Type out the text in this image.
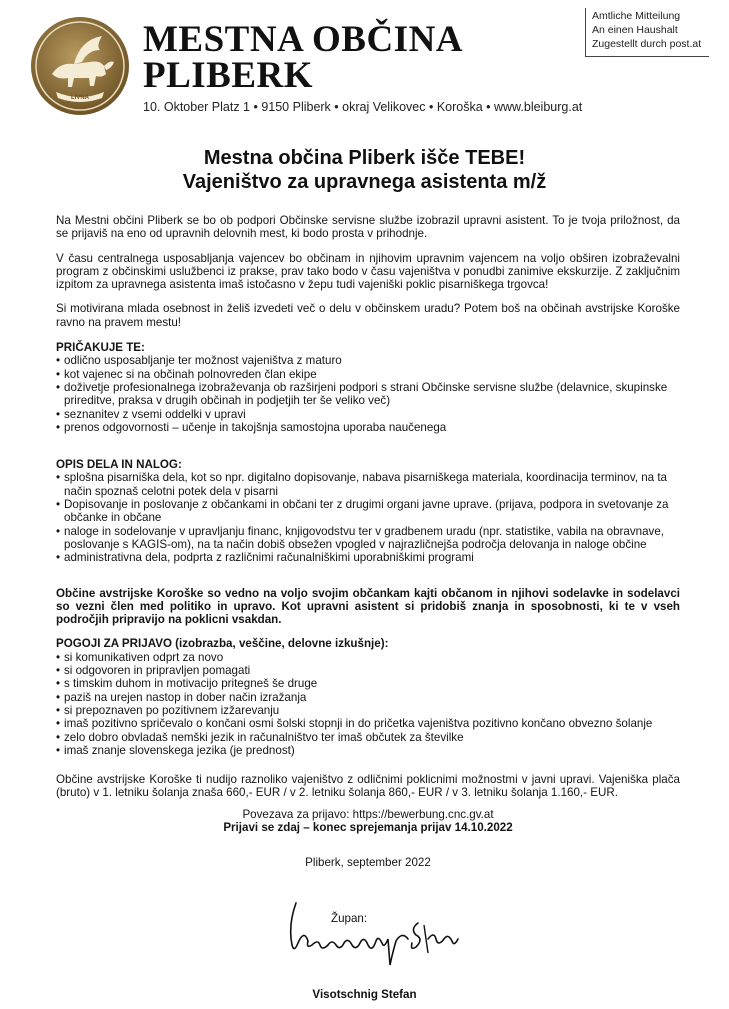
LIVNA
MESTNA OBČINA
PLIBERK
10. Oktober Platz 1 • 9150 Pliberk • okraj Velikovec • Koroška • www.bleiburg.at
Amtliche Mitteilung
An einen Haushalt
Zugestellt durch post.at
Mestna občina Pliberk išče TEBE!
Vajeništvo za upravnega asistenta m/ž

Na Mestni občini Pliberk se bo ob podpori Občinske servisne službe izobrazil upravni asistent. To je tvoja priložnost, da se prijaviš na eno od upravnih delovnih mest, ki bodo prosta v prihodnje.

V času centralnega usposabljanja vajencev bo občinam in njihovim upravnim vajencem na voljo obširen izobraževalni program z občinskimi uslužbenci iz prakse, prav tako bodo v času vajeništva v ponudbi zanimive ekskurzije. Z zaključnim izpitom za upravnega asistenta imaš istočasno v žepu tudi vajeniški poklic pisarniškega trgovca!

Si motivirana mlada osebnost in želiš izvedeti več o delu v občinskem uradu? Potem boš na občinah avstrijske Koroške ravno na pravem mestu!

PRIČAKUJE TE:
• odlično usposabljanje ter možnost vajeništva z maturo
• kot vajenec si na občinah polnovreden član ekipe
• doživetje profesionalnega izobraževanja ob razširjeni podpori s strani Občinske servisne službe (delavnice, skupinske prireditve, praksa v drugih občinah in podjetjih ter še veliko več)
• seznanitev z vsemi oddelki v upravi
• prenos odgovornosti – učenje in takojšnja samostojna uporaba naučenega
OPIS DELA IN NALOG:
• splošna pisarniška dela, kot so npr. digitalno dopisovanje, nabava pisarniškega materiala, koordinacija terminov, na ta način spoznaš celotni potek dela v pisarni
• Dopisovanje in poslovanje z občankami in občani ter z drugimi organi javne uprave. (prijava, podpora in svetovanje za občanke in občane
• naloge in sodelovanje v upravljanju financ, knjigovodstvu ter v gradbenem uradu (npr. statistike, vabila na obravnave, poslovanje s KAGIS-om), na ta način dobiš obsežen vpogled v najrazličnejša področja delovanja in naloge občine
• administrativna dela, podprta z različnimi računalniškimi uporabniškimi programi

Občine avstrijske Koroške so vedno na voljo svojim občankam kajti občanom in njihovi sodelavke in sodelavci so vezni člen med politiko in upravo. Kot upravni asistent si pridobiš znanja in sposobnosti, ki te v vseh področjih pripravijo na poklicni vsakdan.

POGOJI ZA PRIJAVO (izobrazba, veščine, delovne izkušnje):
• si komunikativen odprt za novo
• si odgovoren in pripravljen pomagati
• s timskim duhom in motivacijo pritegneš še druge
• paziš na urejen nastop in dober način izražanja
• si prepoznaven po pozitivnem izžarevanju
• imaš pozitivno spričevalo o končani osmi šolski stopnji in do pričetka vajeništva pozitivno končano obvezno šolanje
• zelo dobro obvladaš nemški jezik in računalništvo ter imaš občutek za številke
• imaš znanje slovenskega jezika (je prednost)

Občine avstrijske Koroške ti nudijo raznoliko vajeništvo z odličnimi poklicnimi možnostmi v javni upravi. Vajeniška plača (bruto) v 1. letniku šolanja znaša 660,- EUR / v 2. letniku šolanja 860,- EUR / v 3. letniku šolanja 1.160,- EUR.

Povezava za prijavo: https://bewerbung.cnc.gv.at
Prijavi se zdaj – konec sprejemanja prijav 14.10.2022
Pliberk, september 2022
Župan:
Visotschnig Stefan
